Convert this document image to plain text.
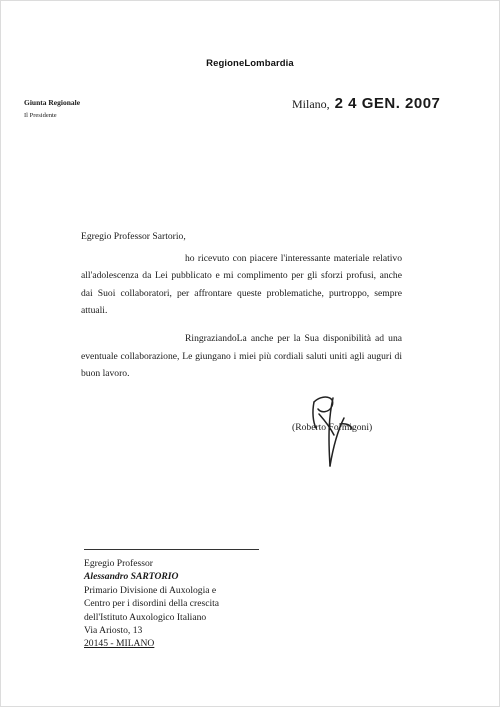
RegioneLombardia
Giunta Regionale
Il Presidente
Milano, 2 4 GEN. 2007

Egregio Professor Sartorio,

ho ricevuto con piacere l'interessante materiale relativo all'adolescenza da Lei pubblicato e mi complimento per gli sforzi profusi, anche dai Suoi collaboratori, per affrontare queste problematiche, purtroppo, sempre attuali.

RingraziandoLa anche per la Sua disponibilità ad una eventuale collaborazione, Le giungano i miei più cordiali saluti uniti agli auguri di buon lavoro.

(Roberto Formigoni)
Egregio Professor
Alessandro SARTORIO
Primario Divisione di Auxologia e
Centro per i disordini della crescita
dell'Istituto Auxologico Italiano
Via Ariosto, 13
20145 - MILANO
